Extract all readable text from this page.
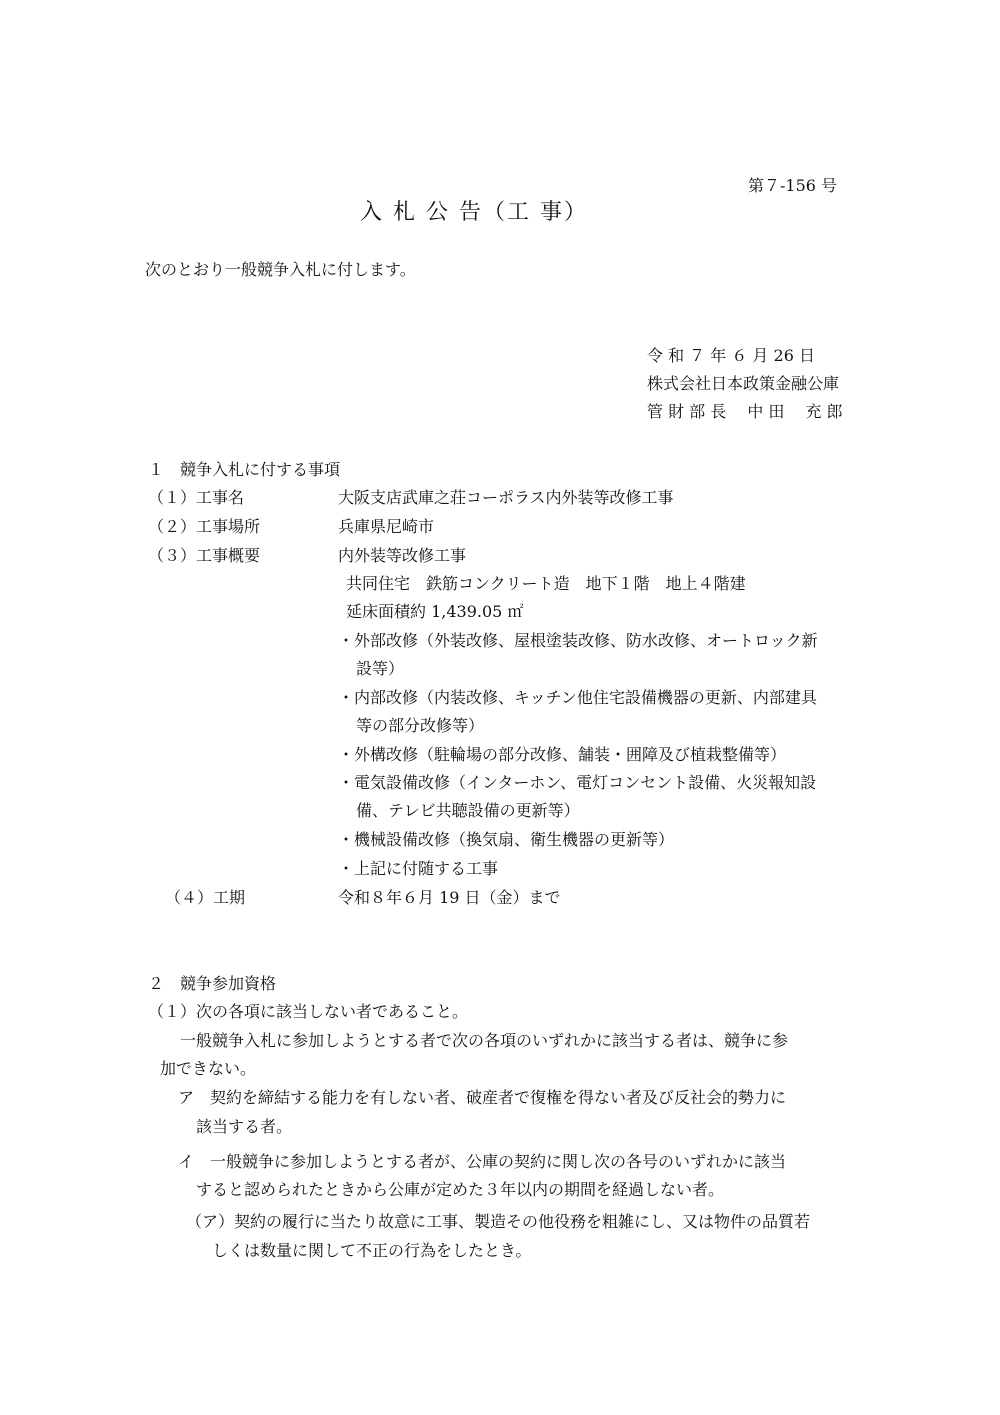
第７-156 号
入 札 公 告（工 事）
次のとおり一般競争入札に付します。
令 和 ７ 年 ６ 月 26 日
株式会社日本政策金融公庫
管 財 部 長　 中 田　 充 郎
１　競争入札に付する事項
（１）工事名	大阪支店武庫之荘コーポラス内外装等改修工事
（２）工事場所	兵庫県尼崎市
（３）工事概要	内外装等改修工事
共同住宅　鉄筋コンクリート造　地下１階　地上４階建
延床面積約 1,439.05 ㎡
・外部改修（外装改修、屋根塗装改修、防水改修、オートロック新
設等）
・内部改修（内装改修、キッチン他住宅設備機器の更新、内部建具
等の部分改修等）
・外構改修（駐輪場の部分改修、舗装・囲障及び植栽整備等）
・電気設備改修（インターホン、電灯コンセント設備、火災報知設
備、テレビ共聴設備の更新等）
・機械設備改修（換気扇、衛生機器の更新等）
・上記に付随する工事
（４）工期	令和８年６月 19 日（金）まで
２　競争参加資格
（１）次の各項に該当しない者であること。
一般競争入札に参加しようとする者で次の各項のいずれかに該当する者は、競争に参
加できない。
ア　契約を締結する能力を有しない者、破産者で復権を得ない者及び反社会的勢力に
該当する者。
イ　一般競争に参加しようとする者が、公庫の契約に関し次の各号のいずれかに該当
すると認められたときから公庫が定めた３年以内の期間を経過しない者。
（ア）契約の履行に当たり故意に工事、製造その他役務を粗雑にし、又は物件の品質若
しくは数量に関して不正の行為をしたとき。
